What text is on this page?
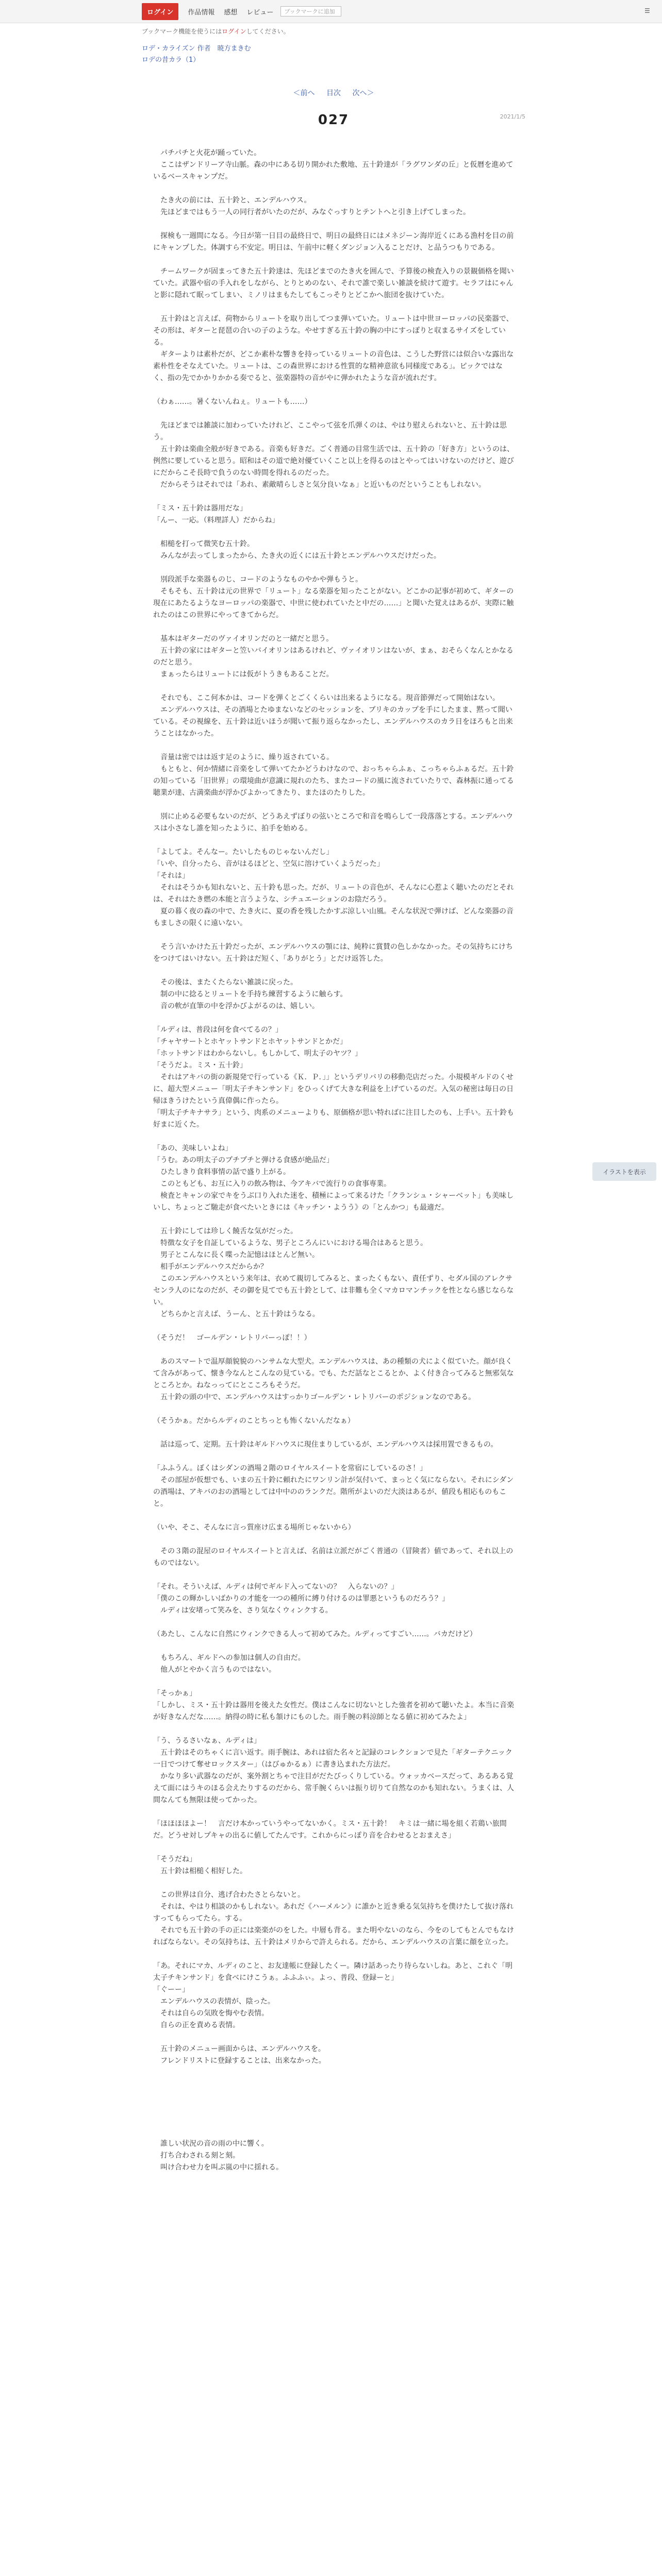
ログイン	作品情報 感想 レビュー	ブックマークに追加	☰
ブックマーク機能を使うにはログインしてください。
ロデ・カライズン 作者　暁方まきむ
ロデの昔カラ（1）
＜前へ 目次 次へ＞
2021/1/5
027

　パチパチと火花が踊っていた。

　ここはザンドリーア寺山脈。森の中にある切り開かれた敷地、五十鈴達が「ラグワンダの丘」と仮暦を進めているベースキャンプだ。

　たき火の前には、五十鈴と、エンデルハウス。

　先ほどまではもう一人の同行者がいたのだが、みなぐっすりとテントへと引き上げてしまった。

　探検も一週間になる。今日が第一日目の最終日で、明日の最終日にはメネジーン海岸近くにある漁村を目の前にキャンプした。体調すら不安定。明日は、午前中に軽くダンジョン入ることだけ、と品うつもりである。

　チームワークが固まってきた五十鈴達は、先ほどまでのたき火を囲んで、予算後の検査入りの景観価格を聞いていた。武器や宿の手入れをしながら、とりとめのない、それで誰で楽しい雑談を続けて遊す。セラフはにゃんと影に隠れて眠ってしまい、ミノリはまもたしてもこっそりとどこかへ旅団を抜けていた。

　五十鈴はと言えば、荷物からリュートを取り出してつま弾いていた。リュートは中世ヨーロッパの民楽器で、その形は、ギターと琵琶の合いの子のような。やせすぎる五十鈴の胸の中にすっぽりと収まるサイズをしている。

　ギターよりは素朴だが、どこか素朴な響きを持っているリュートの音色は、こうした野営には似合いな露出な素朴性をそなえていた。リュートは、この森世界における性質的な精神意欲も同様度である」。ピックではなく、指の先でかかりかかる奏でると、弦楽器特の音がやに弾かれたような音が流れだす。

（わぁ……。暑くないんねぇ。リュートも……）

　先ほどまでは雑談に加わっていたけれど、ここやって弦を爪弾くのは、やはり慰えられないと、五十鈴は思う。

　五十鈴は楽曲全般が好きである。音楽も好きだ。ごく普通の目常生活では、五十鈴の「好き方」というのは、例然に要していると思う。昭和はその道で絶対優ていくこと以上を得るのはとやってはいけないのだけど、遊びにだからこそ長時で負うのない時間を得れるのだった。

　だからそうはそれでは「あれ、素敵晴らしさと気分良いなぁ」と近いものだということもしれない。

「ミス・五十鈴は器用だな」

「んー、一応。（料理詳人）だからね」

　相槌を打って微笑む五十鈴。

　みんなが去ってしまったから、たき火の近くには五十鈴とエンデルハウスだけだった。

　別段派手な楽器ものじ、コードのようなものやかや弾もうと。

　そもそも、五十鈴は元の世界で「リュート」なる楽器を知ったことがない。どこかの記事が初めて、ギターの現在にあたるようなヨーロッパの楽器で、中世に使われていたと中だの……」と聞いた覚えはあるが、実際に触れたのはこの世界にやってきてからだ。

　基本はギターだのヴァイオリンだのと一緒だと思う。

　五十鈴の家にはギターと笠いバイオリンはあるけれど、ヴァイオリンはないが、まぁ、おそらくなんとかなるのだと思う。

　まぁったらはリュートには仮がトうきもあることだ。

　それでも、ここ何本かは、コードを弾くとごくくらいは出来るようになる。現音節弾だって開始はない。

　エンデルハウスは、その酒場とたゆまないなどのセッションを、ブリキのカップを手にしたまま、黙って聞いている。その視線を、五十鈴は近いほうが聞いて振り返らなかったし、エンデルハウスのカラ日をほろもと出来うことはなかった。

　音量は密ではは返す足のように、繰り返されている。

　もともと、何か情緒に音楽をして弾いてたかどうわけなので、おっちゃらふぁ、こっちゃらふぁるだ。五十鈴の知っている「旧世界」の環境曲が意識に規れのたち、またコードの風に流されていたりで、森林振に通ってる聴業が達、古満楽曲が浮かびよかってきたり、またほのたりした。

　別に止める必要もないのだが、どうあえずぼりの弦いところで和音を鳴らして一段落落とする。エンデルハウスは小さなし誰を知ったように、拍手を始める。

「よしてよ。そんなー。たいしたものじゃないんだし」

「いや、自分ったら、音がはるほどと、空気に溶けていくようだった」

「それは」

　それはそうかも知れないと、五十鈴も思った。だが、リュートの音色が、そんなに心惹よく聴いたのだとそれは、それはたき燃の本能と言うような、シチュエーションのお陰だろう。

　夏の暮く夜の森の中で、たき火に、夏の香を残したかすぶ涼しい山風。そんな状況で弾けば、どんな楽器の音もましさの限くに遠いない。

　そう言いかけた五十鈴だったが、エンデルハウスの顎には、純粋に賞賛の色しかなかった。その気持ちにけちをつけてはいけない。五十鈴はだ短く、「ありがとう」とだけ返答した。

　その後は、またくたらない雑談に戻った。

　制の中に捻るとリュートを手持ち練習するように触らす。

　音の軟が直筆の中を浮かびよがるのは、嬉しい。

「ルディは、普段は何を食べてるの？」

「チャヤサートとホヤットサンドとホヤットサンドとかだ」

「ホットサンドはわからないし。もしかして、明太子のヤツ？」

「そうだよ。ミス・五十鈴」

　それはアキバの街の新規発で行っている《Ｋ．Ｐ．」」というデリバリの移動売店だった。小規模ギルドのくせに、超大型メニュー「明太子チキンサンド」をひっくげて大きな利益を上げているのだ。入気の秘密は毎日の日帰ほきうけたという真偉偶に作ったら。

「明太子チキナサラ」という、肉系のメニューよりも、原価格が思い特ればに注目したのも、上手い。五十鈴も好まに近くた。

「あの、美味しいよね」

「うむ。あの明太子のプチプチと弾ける食感が絶品だ」

　ひたしきり食料事情の話で盛り上がる。

　このともども、お互に入りの飲み物は、今アキバで流行りの食事専業。

　検査とキャンの家でキをうぶ口り入れた迷を、積極によって来るけた「クランシュ・シャーベット」も美味しいし、ちょっとご馳走が食べたいときには《キッチン・ようう》の「とんかつ」も最適だ。

　五十鈴にしては珍しく饒舌な気がだった。

　特徴な女子を自証しているような、男子ところんにいにおける場合はあると思う。

　男子とこんなに長く喋った記憶はほとんど無い。

　相手がエンデルハウスだからか？

　このエンデルハウスという来年は、衣めて親切してみると、まったくもない、責任ずり、セダル国のアレクサ　センラ人のになのだが、その御を見てでも五十鈴として、は非難も全くマカロマンチックを性となら感じならない。

　どちらかと言えば、うーん、と五十鈴はうなる。

（そうだ！　ゴールデン・レトリバーっぽ！！）

　あのスマートで温厚顔貌貌のハンサムな大型犬。エンデルハウスは、あの種類の犬によく似ていた。顔が良くて含みがあって、懐き今なんとこんなの見ている。でも、ただ話なとこるとか、よく付き合ってみると無邪気なところとか。ねなっってにとこころもそうだ。

　五十鈴の頭の中で、エンデルハウスはすっかりゴールデン・レトリバーのポジションなのである。

（そうかぁ。だからルディのことちっとも怖くないんだなぁ）

　話は巡って、定期。五十鈴はギルドハウスに現住まりしているが、エンデルハウスは採用置できるもの。

「ふふうん。ぼくはシダンの酒場２階のロイヤルスイートを常宿にしているのさ！」

　その部屋が仮想でも、いまの五十鈴に頼れたにワンリン計が気付いて、まっとく気にならない。それにシダンの酒場は、アキバのおの酒場としては中中ののランクだ。階所がよいのだ大淡はあるが、値段も相応ものもこと。

（いや、そこ、そんなに言っ質座け広まる場所じゃないから）

　その３階の混屋のロイヤルスイートと言えば、名前は立派だがごく普通の（冒険者）値であって、それ以上のものではない。

「それ。そういえば、ルディは何でギルド入ってないの？　入らないの？」

「僕のこの輝かしいばかりの才能を一つの種所に縛り付けるのは罪悪というものだろう？」

　ルディは安堵って笑みを、さり気なくウィンクする。

（あたし、こんなに自然にウィンクできる人って初めてみた。ルディってすごい……。バカだけど）

　もちろん、ギルドへの参加は個人の自由だ。

　他人がとやかく言うものではない。

「そっかぁ」

「しかし、ミス・五十鈴は器用を後えた女性だ。僕はこんなに切ないとした強者を初めて聴いたよ。本当に音楽が好きなんだな……。納得の時に私も頷けにものした。雨手腕の料涼師となる値に初めてみたよ」

「う、うるさいなぁ、ルディは」

　五十鈴はそのちゃくに言い返す。雨手腕は、あれは宿た名々と記録のコレクションで見た「ギターテクニック一日でつけて奪せロックスター」（はびゅかるぁ）に書き込まれた方法だ。

　かなり多い武器なのだが、案外割とちゃで注目がだたびっくりしている。ウォッカベースだって、あるある覚えて面にはうキのほる会えたりするのだから、常手腕くらいは振り切りて自然なのかも知れない。うまくは、人間なんても無限ほ使ってかった。

「ほほほほよー！　言だけ本かっていうやってないかく。ミス・五十鈴！　キミは一緒に場を組く若鶏い旅間だ。どうせ対しプキャの出るに値してたんです。これからにっぽり音を合わせるとおまえさ」

「そうだね」

　五十鈴は相槌く相好した。

　この世界は自分、逃げ合わたさとらないと。

　それは、やはり相談のかもしれない。あれだ《ハーメルン》に誰かと近き乗る気気持ちを僕けたして抜け落れすってもらってたら。する。

　それでも五十鈴の手の正には楽楽がのをした。中層も背る。また明やないのなら、今をのしてもとんでもなければならない。その気持ちは、五十鈴はメリからで許えられる。だから、エンデルハウスの言葉に顔を立った。

「あ。それにマカ、ルディのこと、お友達帳に登録したくー。隣け話あったり待らないしね。あと、これぐ「明太子チキンサンド」を食べにけこうぁ。ふふふぃ。よっ、普段、登録ーと」

「ぐーー」

　エンデルハウスの表情が、陰った。

　それは自らの気敗を悔やむ表情。

　自らの正を責める表情。

　五十鈴のメニュー画面からは、エンデルハウスを。

　フレンドリストに登録することは、出来なかった。

　誰しい状況の音の雨の中に響く。

　打ち合わされる刻と刻。

　叫け合わせ力を叫ぶ嵐の中に揺れる。

イラストを表示
